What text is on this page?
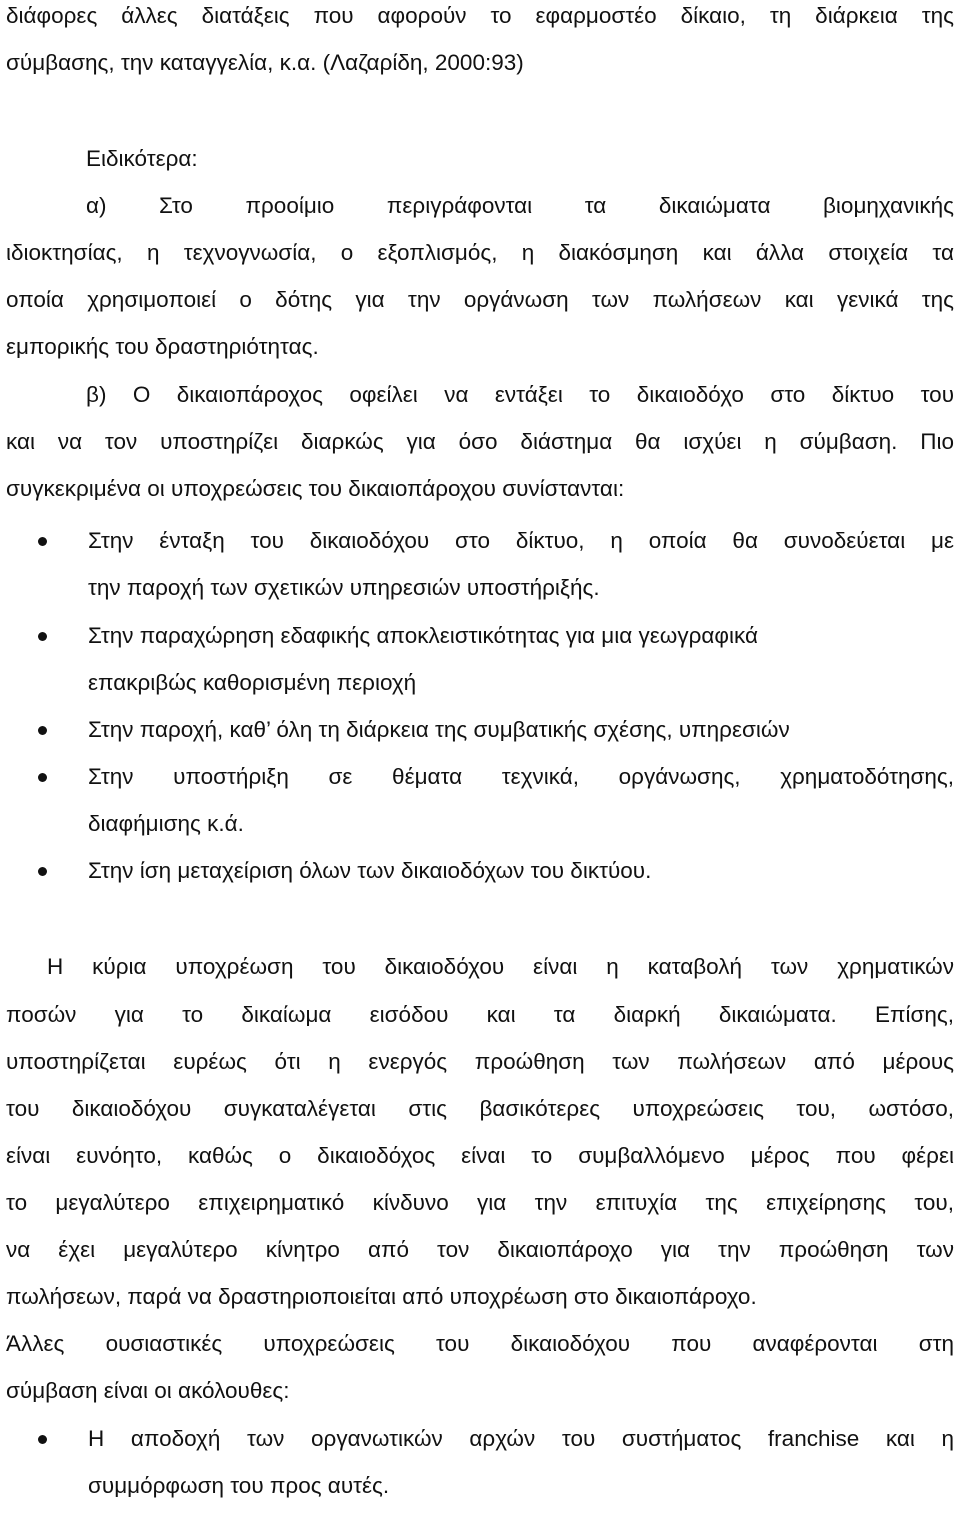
διάφορες άλλες διατάξεις που αφορούν το εφαρμοστέο δίκαιο, τη διάρκεια της
σύμβασης, την καταγγελία, κ.α. (Λαζαρίδη, 2000:93)
Ειδικότερα:
α) Στο προοίμιο περιγράφονται τα δικαιώματα βιομηχανικής
ιδιοκτησίας, η τεχνογνωσία, ο εξοπλισμός, η διακόσμηση και άλλα στοιχεία τα
οποία χρησιμοποιεί ο δότης για την οργάνωση των πωλήσεων και γενικά της
εμπορικής του δραστηριότητας.
β) Ο δικαιοπάροχος οφείλει να εντάξει το δικαιοδόχο στο δίκτυο του
και να τον υποστηρίζει διαρκώς για όσο διάστημα θα ισχύει η σύμβαση. Πιο
συγκεκριμένα οι υποχρεώσεις του δικαιοπάροχου συνίστανται:
Στην ένταξη του δικαιοδόχου στο δίκτυο, η οποία θα συνοδεύεται με
την παροχή των σχετικών υπηρεσιών υποστήριξής.
Στην παραχώρηση εδαφικής αποκλειστικότητας για μια γεωγραφικά
επακριβώς καθορισμένη περιοχή
Στην παροχή, καθ’ όλη τη διάρκεια της συμβατικής σχέσης, υπηρεσιών
Στην υποστήριξη σε θέματα τεχνικά, οργάνωσης, χρηματοδότησης,
διαφήμισης κ.ά.
Στην ίση μεταχείριση όλων των δικαιοδόχων του δικτύου.
Η κύρια υποχρέωση του δικαιοδόχου είναι η καταβολή των χρηματικών
ποσών για το δικαίωμα εισόδου και τα διαρκή δικαιώματα. Επίσης,
υποστηρίζεται ευρέως ότι η ενεργός προώθηση των πωλήσεων από μέρους
του δικαιοδόχου συγκαταλέγεται στις βασικότερες υποχρεώσεις του, ωστόσο,
είναι ευνόητο, καθώς ο δικαιοδόχος είναι το συμβαλλόμενο μέρος που φέρει
το μεγαλύτερο επιχειρηματικό κίνδυνο για την επιτυχία της επιχείρησης του,
να έχει μεγαλύτερο κίνητρο από τον δικαιοπάροχο για την προώθηση των
πωλήσεων, παρά να δραστηριοποιείται από υποχρέωση στο δικαιοπάροχο.
Άλλες ουσιαστικές υποχρεώσεις του δικαιοδόχου που αναφέρονται στη
σύμβαση είναι οι ακόλουθες:
Η αποδοχή των οργανωτικών αρχών του συστήματος franchise και η
συμμόρφωση του προς αυτές.
